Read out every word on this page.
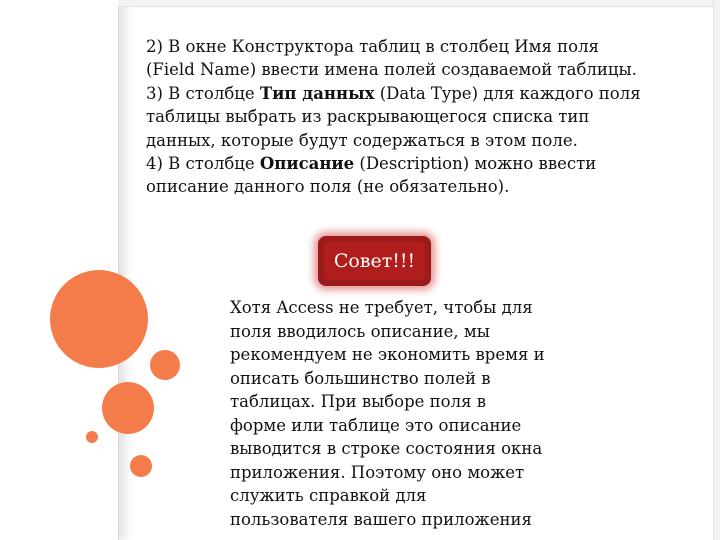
2) В окне Конструктора таблиц в столбец Имя поля

(Field Name) ввести имена полей создаваемой таблицы.

3) В столбце Тип данных (Data Type) для каждого поля

таблицы выбрать из раскрывающегося списка тип

данных, которые будут содержаться в этом поле.

4) В столбце Описание (Description) можно ввести

описание данного поля (не обязательно).

Совет!!!

Хотя Access не требует, чтобы для

поля вводилось описание, мы

рекомендуем не экономить время и

описать большинство полей в

таблицах. При выборе поля в

форме или таблице это описание

выводится в строке состояния окна

приложения. Поэтому оно может

служить справкой для

пользователя вашего приложения
